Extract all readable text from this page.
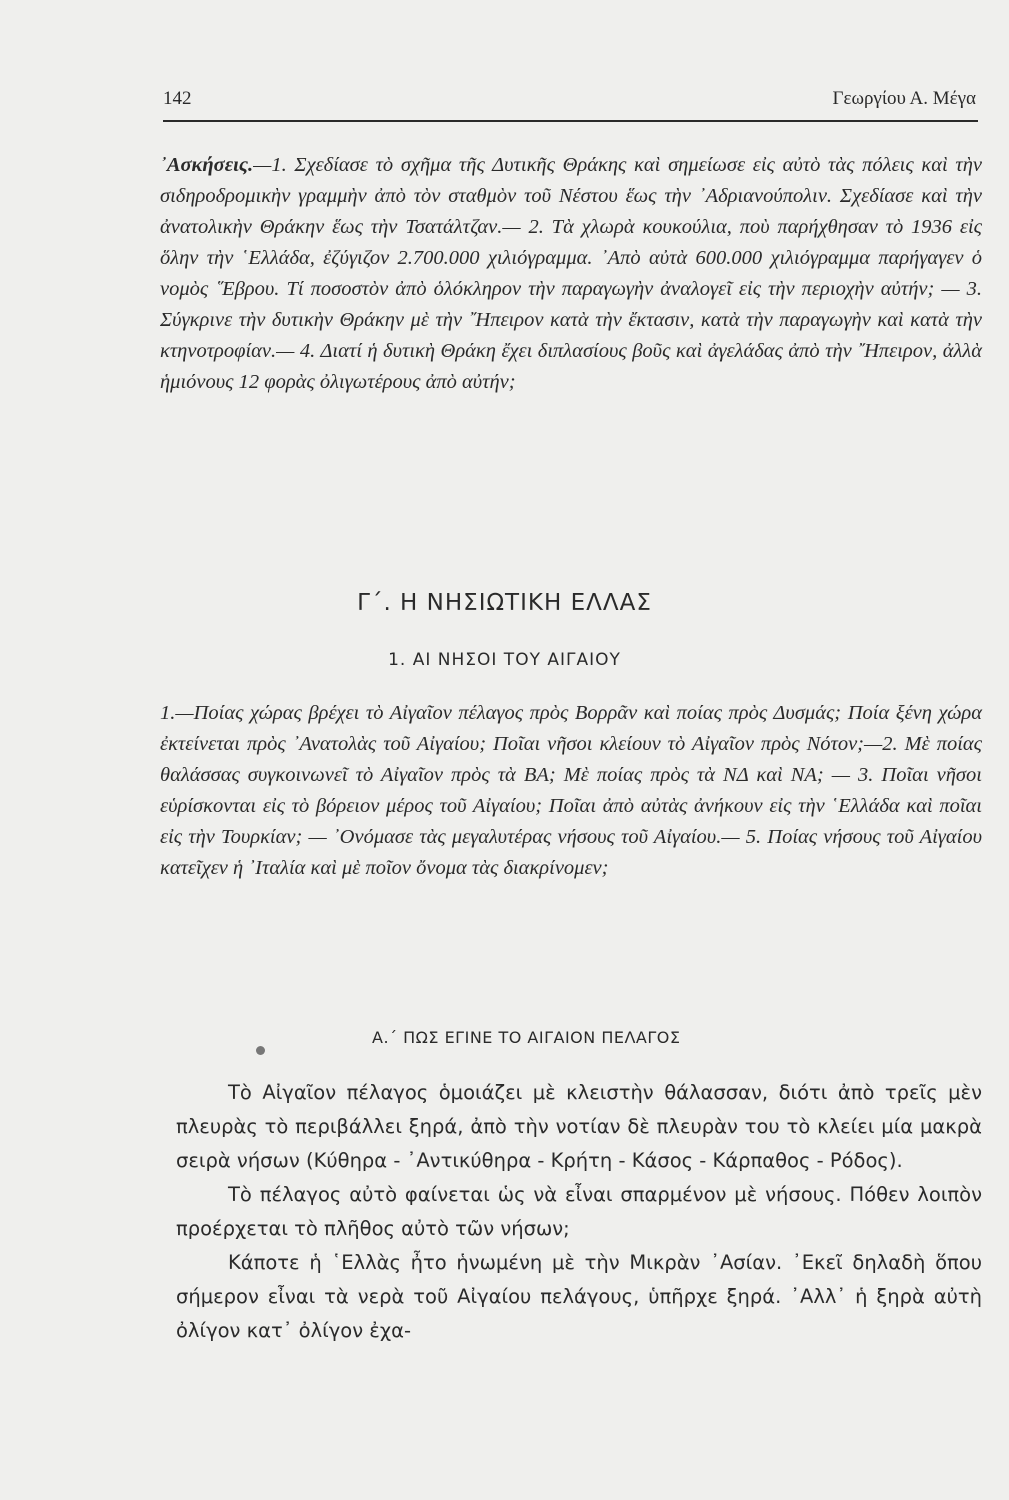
142	Γεωργίου Α. Μέγα
᾿Ασκήσεις.—1. Σχεδίασε τὸ σχῆμα τῆς Δυτικῆς Θράκης καὶ σημείωσε εἰς αὐτὸ τὰς πόλεις καὶ τὴν σιδηροδρομικὴν γραμμὴν ἀπὸ τὸν σταθμὸν τοῦ Νέστου ἕως τὴν ᾿Αδριανούπολιν. Σχεδίασε καὶ τὴν ἀνατολικὴν Θράκην ἕως τὴν Τσατάλτζαν.— 2. Τὰ χλωρὰ κουκούλια, ποὺ παρήχθησαν τὸ 1936 εἰς ὅλην τὴν ῾Ελλάδα, ἐζύγιζον 2.700.000 χιλιόγραμμα. ᾿Απὸ αὐτὰ 600.000 χιλιόγραμμα παρήγαγεν ὁ νομὸς ῞Εβρου. Τί ποσοστὸν ἀπὸ ὁλόκληρον τὴν παραγωγὴν ἀναλογεῖ εἰς τὴν περιοχὴν αὐτήν; — 3. Σύγκρινε τὴν δυτικὴν Θράκην μὲ τὴν ῎Ηπειρον κατὰ τὴν ἔκτασιν, κατὰ τὴν παραγωγὴν καὶ κατὰ τὴν κτηνοτροφίαν.— 4. Διατί ἡ δυτικὴ Θράκη ἔχει διπλασίους βοῦς καὶ ἀγελάδας ἀπὸ τὴν ῎Ηπειρον, ἀλλὰ ἡμιόνους 12 φορὰς ὀλιγωτέρους ἀπὸ αὐτήν;
Γ΄. Η ΝΗΣΙΩΤΙΚΗ ΕΛΛΑΣ
1. ΑΙ ΝΗΣΟΙ ΤΟΥ ΑΙΓΑΙΟΥ
1.—Ποίας χώρας βρέχει τὸ Αἰγαῖον πέλαγος πρὸς Βορρᾶν καὶ ποίας πρὸς Δυσμάς; Ποία ξένη χώρα ἐκτείνεται πρὸς ᾿Ανατολὰς τοῦ Αἰγαίου; Ποῖαι νῆσοι κλείουν τὸ Αἰγαῖον πρὸς Νότον;—2. Μὲ ποίας θαλάσσας συγκοινωνεῖ τὸ Αἰγαῖον πρὸς τὰ ΒΑ; Μὲ ποίας πρὸς τὰ ΝΔ καὶ ΝΑ; — 3. Ποῖαι νῆσοι εὑρίσκονται εἰς τὸ βόρειον μέρος τοῦ Αἰγαίου; Ποῖαι ἀπὸ αὐτὰς ἀνήκουν εἰς τὴν ῾Ελλάδα καὶ ποῖαι εἰς τὴν Τουρκίαν; — ᾿Ονόμασε τὰς μεγαλυτέρας νήσους τοῦ Αἰγαίου.— 5. Ποίας νήσους τοῦ Αἰγαίου κατεῖχεν ἡ ᾿Ιταλία καὶ μὲ ποῖον ὄνομα τὰς διακρίνομεν;
Α.΄ ΠΩΣ ΕΓΙΝΕ ΤΟ ΑΙΓΑΙΟΝ ΠΕΛΑΓΟΣ

Τὸ Αἰγαῖον πέλαγος ὁμοιάζει μὲ κλειστὴν θάλασσαν, διότι ἀπὸ τρεῖς μὲν πλευρὰς τὸ περιβάλλει ξηρά, ἀπὸ τὴν νοτίαν δὲ πλευρὰν του τὸ κλείει μία μακρὰ σειρὰ νήσων (Κύθηρα - ᾿Αντικύθηρα - Κρήτη - Κάσος - Κάρπαθος - Ρόδος).

Τὸ πέλαγος αὐτὸ φαίνεται ὡς νὰ εἶναι σπαρμένον μὲ νήσους. Πόθεν λοιπὸν προέρχεται τὸ πλῆθος αὐτὸ τῶν νήσων;

Κάποτε ἡ ῾Ελλὰς ἦτο ἡνωμένη μὲ τὴν Μικρὰν ᾿Ασίαν. ᾿Εκεῖ δηλαδὴ ὅπου σήμερον εἶναι τὰ νερὰ τοῦ Αἰγαίου πελάγους, ὑπῆρχε ξηρά. ᾿Αλλ᾿ ἡ ξηρὰ αὐτὴ ὀλίγον κατ᾿ ὀλίγον ἐχα-
